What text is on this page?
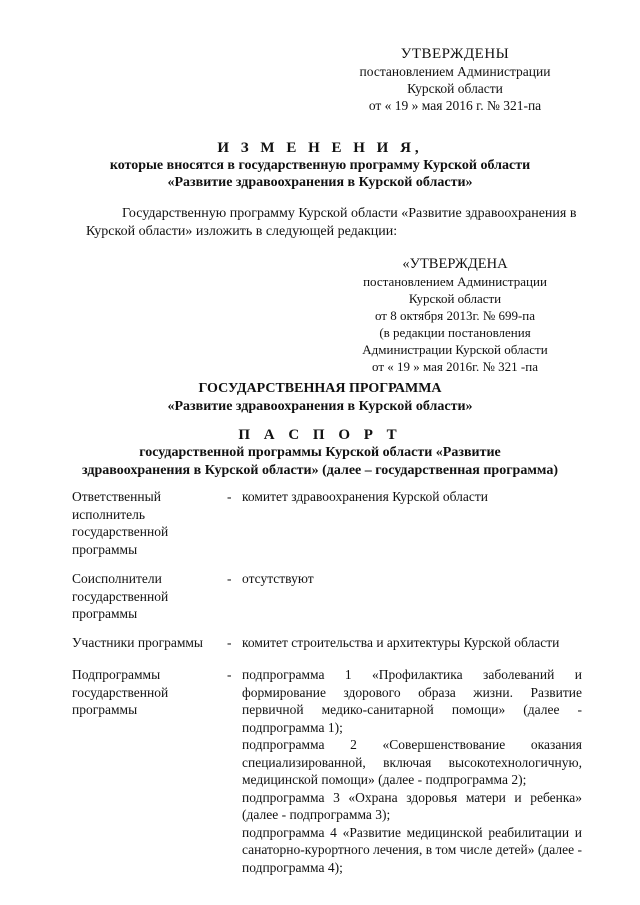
УТВЕРЖДЕНЫ
постановлением Администрации
Курской области
от « 19 » мая 2016 г. № 321-па
И З М Е Н Е Н И Я,
которые вносятся в государственную программу Курской области
«Развитие здравоохранения в Курской области»
Государственную программу Курской области «Развитие здравоохранения в Курской области» изложить в следующей редакции:
«УТВЕРЖДЕНА
постановлением Администрации
Курской области
от 8 октября 2013г. № 699-па
(в редакции постановления
Администрации Курской области
от « 19 » мая 2016г. № 321 -па
ГОСУДАРСТВЕННАЯ ПРОГРАММА
«Развитие здравоохранения в Курской области»
П А С П О Р Т
государственной программы Курской области «Развитие
здравоохранения в Курской области» (далее – государственная программа)
Ответственный исполнитель государственной программы
- комитет здравоохранения Курской области
Соисполнители государственной программы
- отсутствуют
Участники программы	- комитет строительства и архитектуры Курской области
Подпрограммы государственной программы
- подпрограмма 1 «Профилактика заболеваний и формирование здорового образа жизни. Развитие первичной медико-санитарной помощи» (далее - подпрограмма 1);

подпрограмма 2 «Совершенствование оказания специализированной, включая высокотехнологичную, медицинской помощи» (далее - подпрограмма 2);

подпрограмма 3 «Охрана здоровья матери и ребенка» (далее - подпрограмма 3);

подпрограмма 4 «Развитие медицинской реабилитации и санаторно-курортного лечения, в том числе детей» (далее - подпрограмма 4);
